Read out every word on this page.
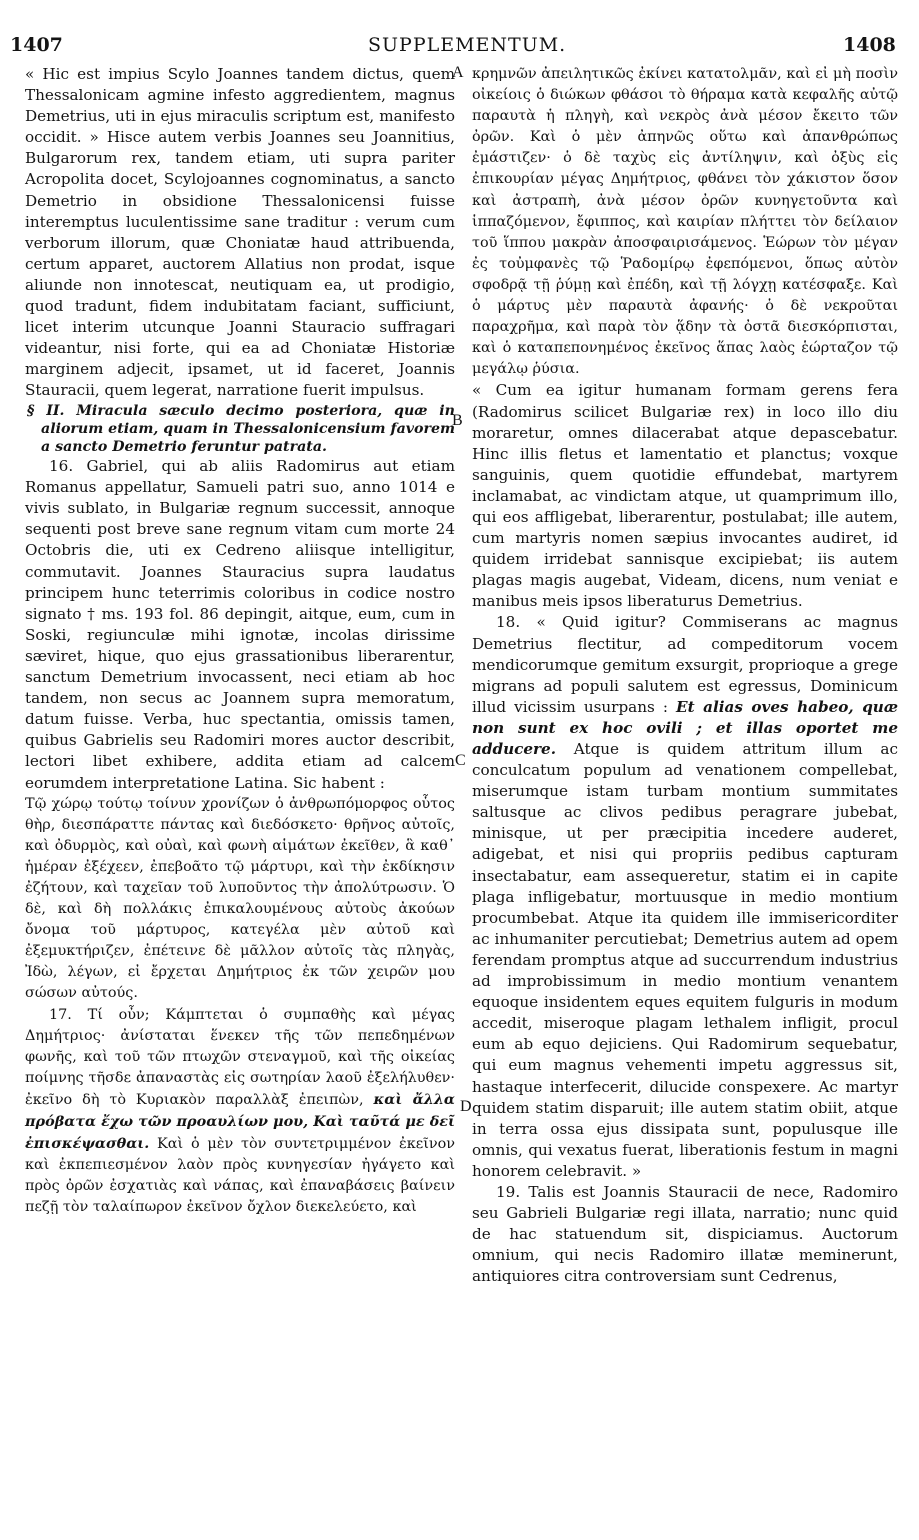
1407	SUPPLEMENTUM.	1408
A
B
C
D

« Hic est impius Scylo Joannes tandem dictus, quem Thessalonicam agmine infesto aggredientem, magnus Demetrius, uti in ejus miraculis scriptum est, manifesto occidit. » Hisce autem verbis Joannes seu Joannitius, Bulgarorum rex, tandem etiam, uti supra pariter Acropolita docet, Scylojoannes cognominatus, a sancto Demetrio in obsidione Thessalonicensi fuisse interemptus luculentissime sane traditur : verum cum verborum illorum, quæ Choniatæ haud attribuenda, certum apparet, auctorem Allatius non prodat, isque aliunde non innotescat, neutiquam ea, ut prodigio, quod tradunt, fidem indubitatam faciant, sufficiunt, licet interim utcunque Joanni Stauracio suffragari videantur, nisi forte, qui ea ad Choniatæ Historiæ marginem adjecit, ipsamet, ut id faceret, Joannis Stauracii, quem legerat, narratione fuerit impulsus.

§ II. Miracula sæculo decimo posteriora, quæ in aliorum etiam, quam in Thessalonicensium favorem a sancto Demetrio feruntur patrata.

16. Gabriel, qui ab aliis Radomirus aut etiam Romanus appellatur, Samueli patri suo, anno 1014 e vivis sublato, in Bulgariæ regnum successit, annoque sequenti post breve sane regnum vitam cum morte 24 Octobris die, uti ex Cedreno aliisque intelligitur, commutavit. Joannes Stauracius supra laudatus principem hunc teterrimis coloribus in codice nostro signato † ms. 193 fol. 86 depingit, aitque, eum, cum in Soski, regiunculæ mihi ignotæ, incolas dirissime sæviret, hique, quo ejus grassationibus liberarentur, sanctum Demetrium invocassent, neci etiam ab hoc tandem, non secus ac Joannem supra memoratum, datum fuisse. Verba, huc spectantia, omissis tamen, quibus Gabrielis seu Radomiri mores auctor describit, lectori libet exhibere, addita etiam ad calcem eorumdem interpretatione Latina. Sic habent :

Τῷ χώρῳ τούτῳ τοίνυν χρονίζων ὁ ἀνθρωπόμορφος οὗτος θὴρ, διεσπάραττε πάντας καὶ διεδόσκετο· θρῆνος αὐτοῖς, καὶ ὀδυρμὸς, καὶ οὐαὶ, καὶ φωνὴ αἱμάτων ἐκεῖθεν, ἃ καθ᾽ ἡμέραν ἐξέχεεν, ἐπεβοᾶτο τῷ μάρτυρι, καὶ τὴν ἐκδίκησιν ἐζήτουν, καὶ ταχεῖαν τοῦ λυποῦντος τὴν ἀπολύτρωσιν. Ὁ δὲ, καὶ δὴ πολλάκις ἐπικαλουμένους αὐτοὺς ἀκούων ὄνομα τοῦ μάρτυρος, κατεγέλα μὲν αὐτοῦ καὶ ἐξεμυκτήριζεν, ἐπέτεινε δὲ μᾶλλον αὐτοῖς τὰς πληγὰς, Ἰδὼ, λέγων, εἰ ἔρχεται Δημήτριος ἐκ τῶν χειρῶν μου σώσων αὐτούς.

17. Τί οὖν; Κάμπτεται ὁ συμπαθὴς καὶ μέγας Δημήτριος· ἀνίσταται ἕνεκεν τῆς τῶν πεπεδημένων φωνῆς, καὶ τοῦ τῶν πτωχῶν στεναγμοῦ, καὶ τῆς οἰκείας ποίμνης τῆσδε ἀπαναστὰς εἰς σωτηρίαν λαοῦ ἐξελήλυθεν· ἐκεῖνο δὴ τὸ Κυριακὸν παραλλὰξ ἐπειπὼν, καὶ ἄλλα πρόβατα ἔχω τῶν προαυλίων μου, Καὶ ταῦτά με δεῖ ἐπισκέψασθαι. Καὶ ὁ μὲν τὸν συντετριμμένον ἐκεῖνον καὶ ἐκπεπιεσμένον λαὸν πρὸς κυνηγεσίαν ἠγάγετο καὶ πρὸς ὀρῶν ἐσχατιὰς καὶ νάπας, καὶ ἐπαναβάσεις βαίνειν πεζῇ τὸν ταλαίπωρον ἐκεῖνον ὄχλον διεκελεύετο, καὶ

κρημνῶν ἀπειλητικῶς ἐκίνει κατατολμᾶν, καὶ εἰ μὴ ποσὶν οἰκείοις ὁ διώκων φθάσοι τὸ θήραμα κατὰ κεφαλῆς αὐτῷ παραυτὰ ἡ πληγὴ, καὶ νεκρὸς ἀνὰ μέσον ἔκειτο τῶν ὀρῶν. Καὶ ὁ μὲν ἀπηνῶς οὕτω καὶ ἀπανθρώπως ἐμάστιζεν· ὁ δὲ ταχὺς εἰς ἀντίληψιν, καὶ ὀξὺς εἰς ἐπικουρίαν μέγας Δημήτριος, φθάνει τὸν χάκιστον ὅσον καὶ ἀστραπὴ, ἀνὰ μέσον ὀρῶν κυνηγετοῦντα καὶ ἱππαζόμενον, ἔφιππος, καὶ καιρίαν πλήττει τὸν δείλαιον τοῦ ἵππου μακρὰν ἀποσφαιρισάμενος. Ἑώρων τὸν μέγαν ἐς τοὐμφανὲς τῷ Ῥαδομίρῳ ἐφεπόμενοι, ὅπως αὐτὸν σφοδρᾷ τῇ ῥύμῃ καὶ ἐπέδη, καὶ τῇ λόγχῃ κατέσφαξε. Καὶ ὁ μάρτυς μὲν παραυτὰ ἀφανής· ὁ δὲ νεκροῦται παραχρῆμα, καὶ παρὰ τὸν ᾅδην τὰ ὀστᾶ διεσκόρπισται, καὶ ὁ καταπεπονημένος ἐκεῖνος ἅπας λαὸς ἑώρταζον τῷ μεγάλῳ ῥύσια.

« Cum ea igitur humanam formam gerens fera (Radomirus scilicet Bulgariæ rex) in loco illo diu moraretur, omnes dilacerabat atque depascebatur. Hinc illis fletus et lamentatio et planctus; voxque sanguinis, quem quotidie effundebat, martyrem inclamabat, ac vindictam atque, ut quamprimum illo, qui eos affligebat, liberarentur, postulabat; ille autem, cum martyris nomen sæpius invocantes audiret, id quidem irridebat sannisque excipiebat; iis autem plagas magis augebat, Videam, dicens, num veniat e manibus meis ipsos liberaturus Demetrius.

18. « Quid igitur? Commiserans ac magnus Demetrius flectitur, ad compeditorum vocem mendicorumque gemitum exsurgit, proprioque a grege migrans ad populi salutem est egressus, Dominicum illud vicissim usurpans : Et alias oves habeo, quæ non sunt ex hoc ovili ; et illas oportet me adducere. Atque is quidem attritum illum ac conculcatum populum ad venationem compellebat, miserumque istam turbam montium summitates saltusque ac clivos pedibus peragrare jubebat, minisque, ut per præcipitia incedere auderet, adigebat, et nisi qui propriis pedibus capturam insectabatur, eam assequeretur, statim ei in capite plaga infligebatur, mortuusque in medio montium procumbebat. Atque ita quidem ille immisericorditer ac inhumaniter percutiebat; Demetrius autem ad opem ferendam promptus atque ad succurrendum industrius ad improbissimum in medio montium venantem equoque insidentem eques equitem fulguris in modum accedit, miseroque plagam lethalem infligit, procul eum ab equo dejiciens. Qui Radomirum sequebatur, qui eum magnus vehementi impetu aggressus sit, hastaque interfecerit, dilucide conspexere. Ac martyr quidem statim disparuit; ille autem statim obiit, atque in terra ossa ejus dissipata sunt, populusque ille omnis, qui vexatus fuerat, liberationis festum in magni honorem celebravit. »

19. Talis est Joannis Stauracii de nece, Radomiro seu Gabrieli Bulgariæ regi illata, narratio; nunc quid de hac statuendum sit, dispiciamus. Auctorum omnium, qui necis Radomiro illatæ meminerunt, antiquiores citra controversiam sunt Cedrenus,
